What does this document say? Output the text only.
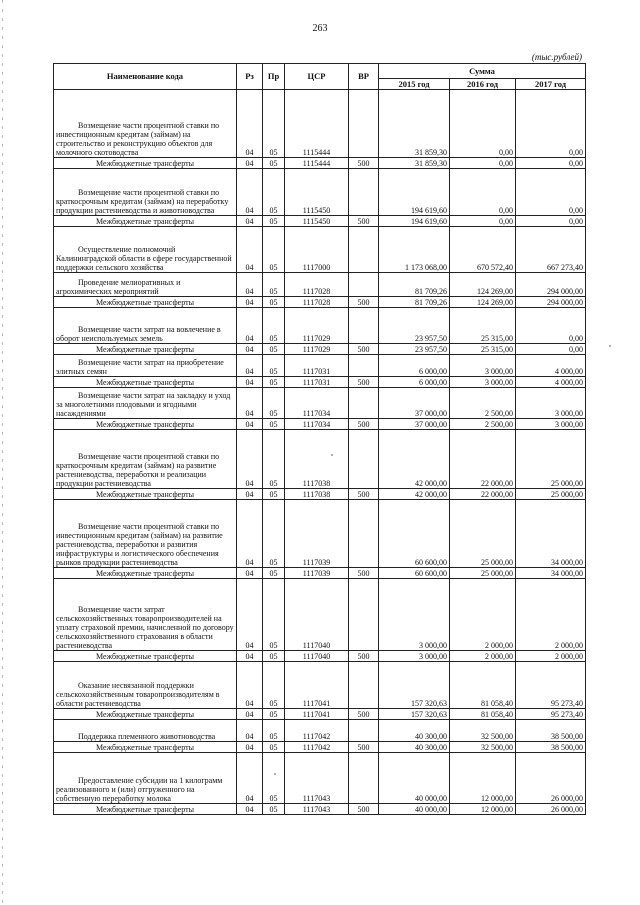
263
(тыс.рублей)
Наименование кода	Рз	Пр	ЦСР	ВР	Сумма		
					2015 год	2016 год	2017 год
Возмещение части процентной ставки по инвестиционным кредитам (займам) на строительство и реконструкцию объектов для молочного скотоводства	04	05	1115444		31 859,30	0,00	0,00
Межбюджетные трансферты	04	05	1115444	500	31 859,30	0,00	0,00
Возмещение части процентной ставки по краткосрочным кредитам (займам) на переработку продукции растениеводства и животноводства	04	05	1115450		194 619,60	0,00	0,00
Межбюджетные трансферты	04	05	1115450	500	194 619,60	0,00	0,00
Осуществление полномочий Калининградской области в сфере государственной поддержки сельского хозяйства	04	05	1117000		1 173 068,00	670 572,40	667 273,40
Проведение мелиоративных и агрохимических мероприятий	04	05	1117028		81 709,26	124 269,00	294 000,00
Межбюджетные трансферты	04	05	1117028	500	81 709,26	124 269,00	294 000,00
Возмещение части затрат на вовлечение в оборот неиспользуемых земель	04	05	1117029		23 957,50	25 315,00	0,00
Межбюджетные трансферты	04	05	1117029	500	23 957,50	25 315,00	0,00
Возмещение части затрат на приобретение элитных семян	04	05	1117031		6 000,00	3 000,00	4 000,00
Межбюджетные трансферты	04	05	1117031	500	6 000,00	3 000,00	4 000,00
Возмещение части затрат на закладку и уход за многолетними плодовыми и ягодными насаждениями	04	05	1117034		37 000,00	2 500,00	3 000,00
Межбюджетные трансферты	04	05	1117034	500	37 000,00	2 500,00	3 000,00
Возмещение части процентной ставки по краткосрочным кредитам (займам) на развитие растениеводства, переработки и реализации продукции растениеводства	04	05	1117038		42 000,00	22 000,00	25 000,00
Межбюджетные трансферты	04	05	1117038	500	42 000,00	22 000,00	25 000,00
Возмещение части процентной ставки по инвестиционным кредитам (займам) на развитие растениеводства, переработки и развития инфраструктуры и логистического обеспечения рынков продукции растениеводства	04	05	1117039		60 600,00	25 000,00	34 000,00
Межбюджетные трансферты	04	05	1117039	500	60 600,00	25 000,00	34 000,00
Возмещение части затрат сельскохозяйственных товаропроизводителей на уплату страховой премии, начисленной по договору сельскохозяйственного страхования в области растениеводства	04	05	1117040		3 000,00	2 000,00	2 000,00
Межбюджетные трансферты	04	05	1117040	500	3 000,00	2 000,00	2 000,00
Оказание несвязанной поддержки сельскохозяйственным товаропроизводителям в области растениеводства	04	05	1117041		157 320,63	81 058,40	95 273,40
Межбюджетные трансферты	04	05	1117041	500	157 320,63	81 058,40	95 273,40
Поддержка племенного животноводства	04	05	1117042		40 300,00	32 500,00	38 500,00
Межбюджетные трансферты	04	05	1117042	500	40 300,00	32 500,00	38 500,00
Предоставление субсидии на 1 килограмм реализованного и (или) отгруженного на собственную переработку молока	04	05	1117043		40 000,00	12 000,00	26 000,00
Межбюджетные трансферты	04	05	1117043	500	40 000,00	12 000,00	26 000,00
